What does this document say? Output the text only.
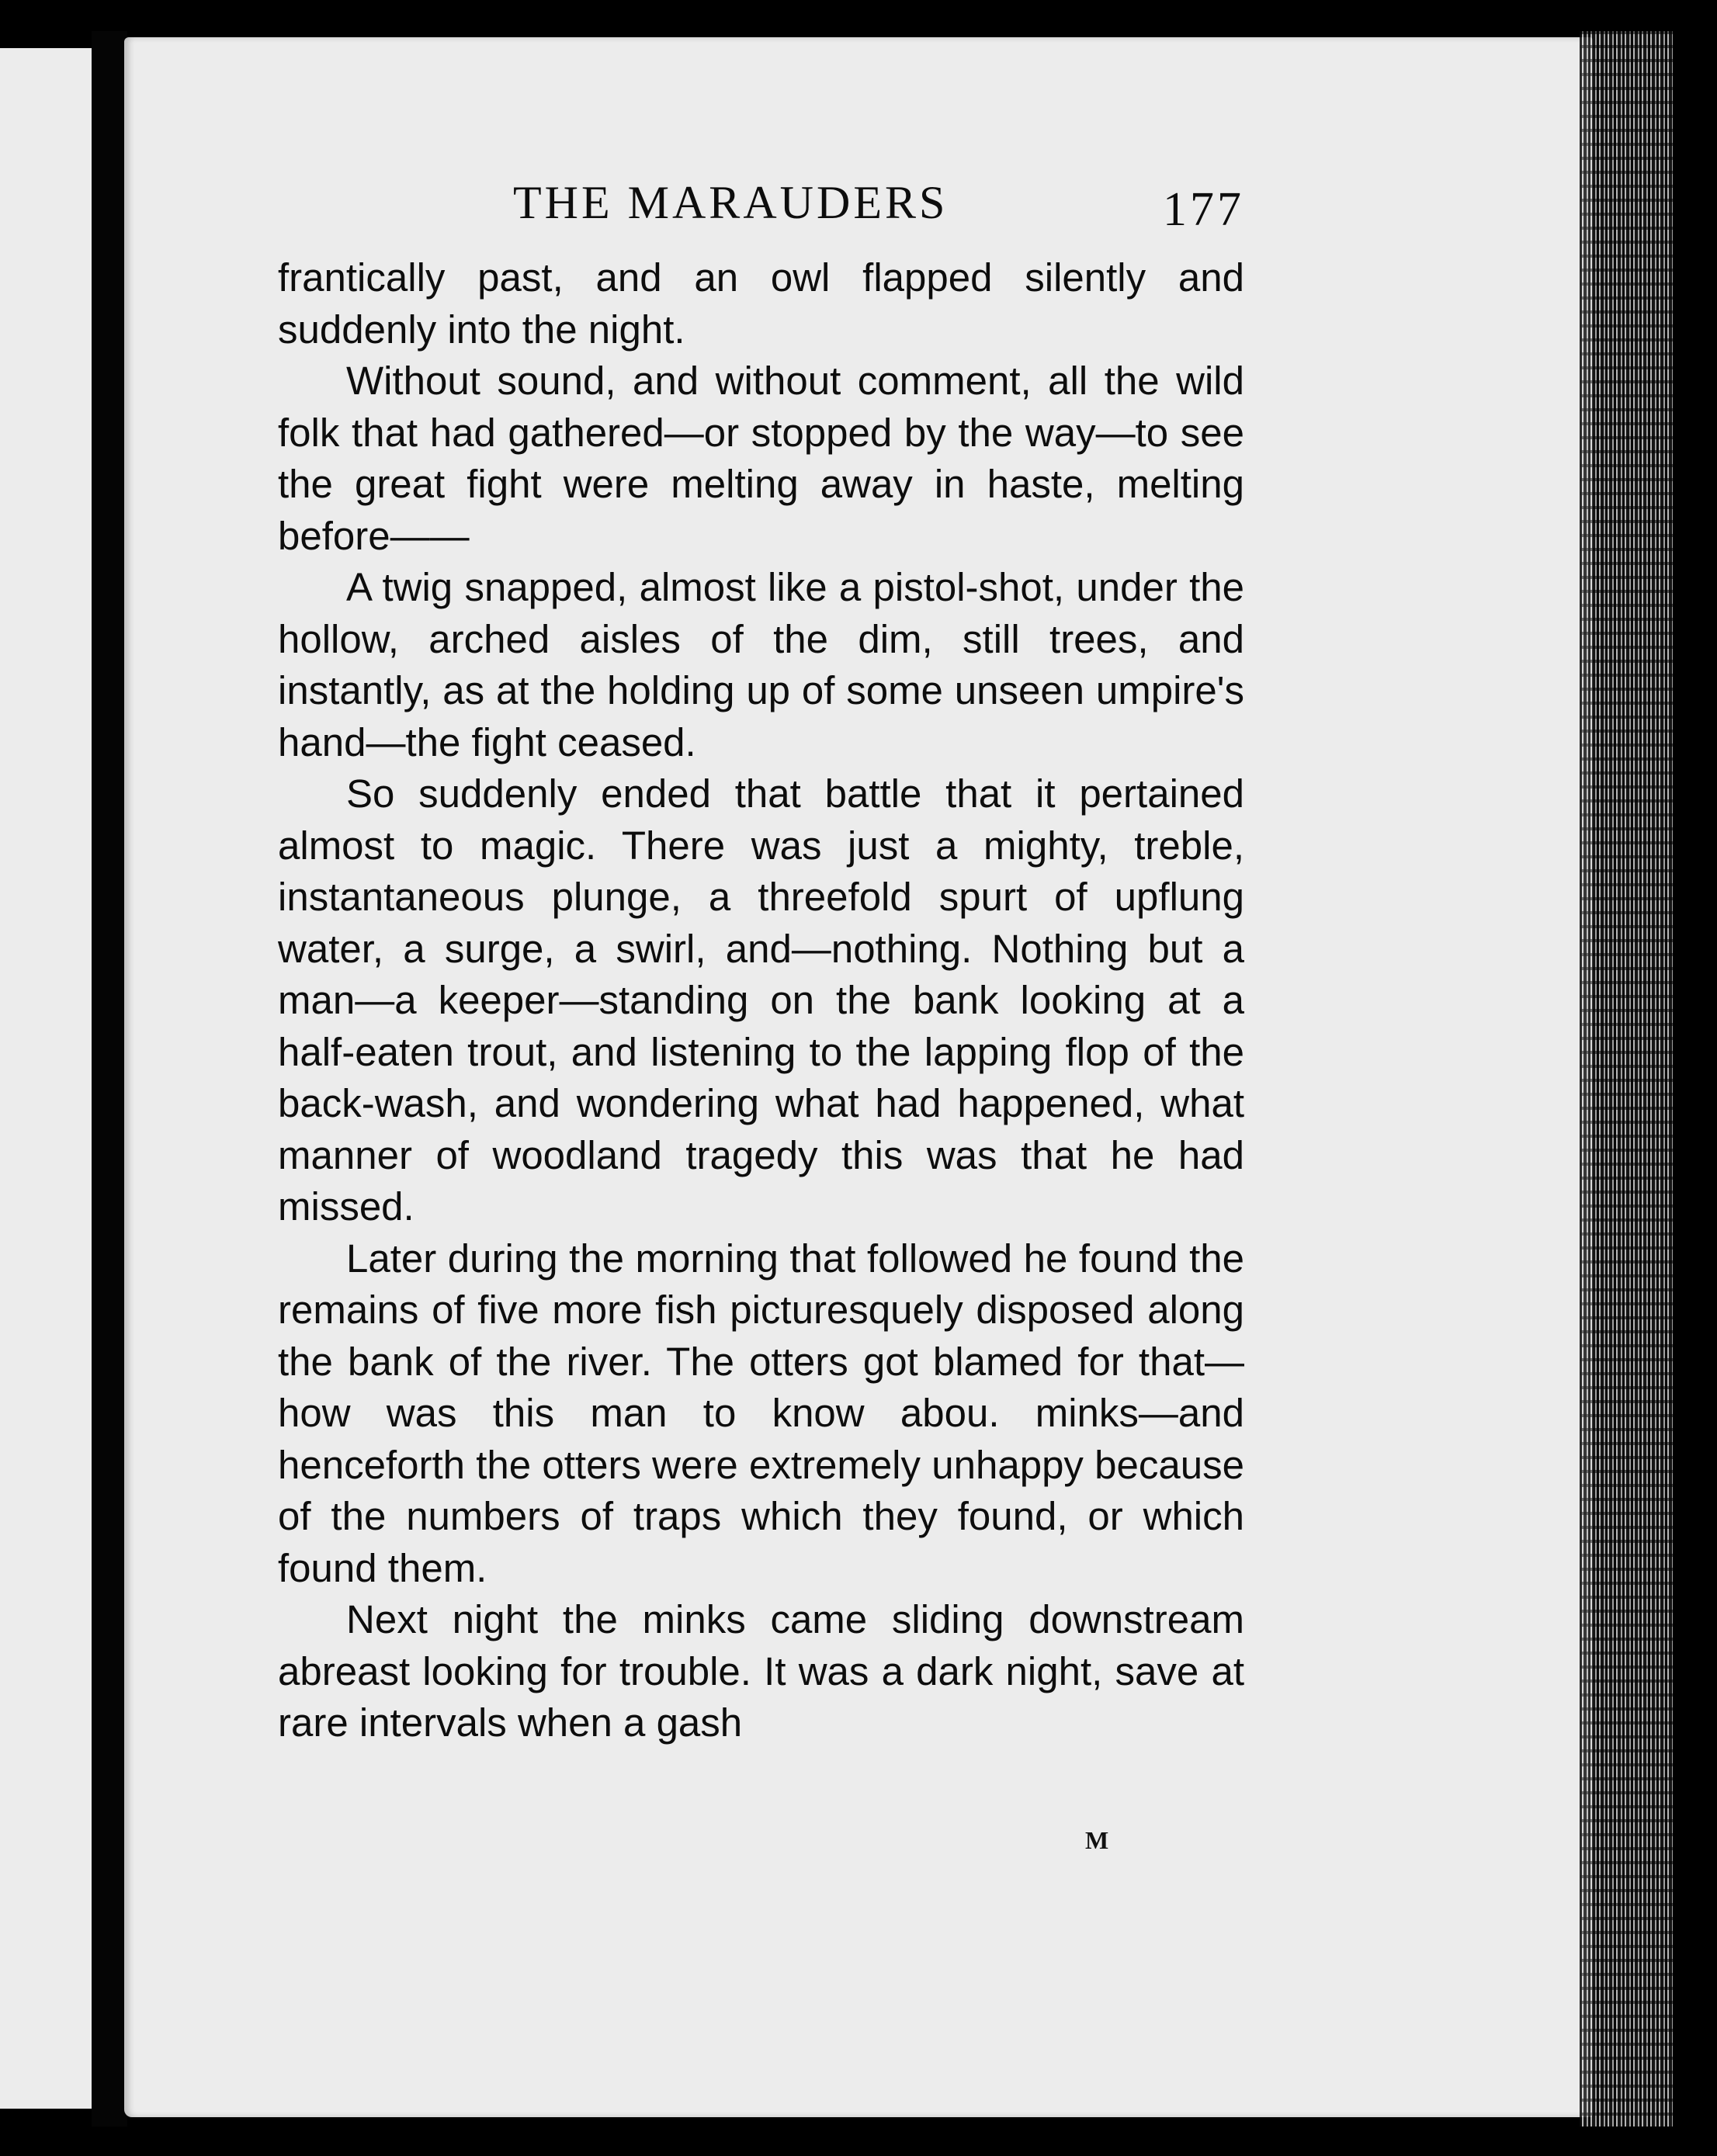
THE MARAUDERS	177

frantically past, and an owl flapped silently and suddenly into the night.

Without sound, and without comment, all the wild folk that had gathered—or stopped by the way—to see the great fight were melting away in haste, melting before——

A twig snapped, almost like a pistol-shot, under the hollow, arched aisles of the dim, still trees, and instantly, as at the holding up of some unseen umpire's hand—the fight ceased.

So suddenly ended that battle that it pertained almost to magic. There was just a mighty, treble, instantaneous plunge, a threefold spurt of upflung water, a surge, a swirl, and—nothing. Nothing but a man—a keeper—standing on the bank looking at a half-eaten trout, and listening to the lapping flop of the back-wash, and wondering what had happened, what manner of woodland tragedy this was that he had missed.

Later during the morning that followed he found the remains of five more fish picturesquely disposed along the bank of the river. The otters got blamed for that—how was this man to know abou. minks—and henceforth the otters were extremely unhappy because of the numbers of traps which they found, or which found them.

Next night the minks came sliding downstream abreast looking for trouble. It was a dark night, save at rare intervals when a gash

M
